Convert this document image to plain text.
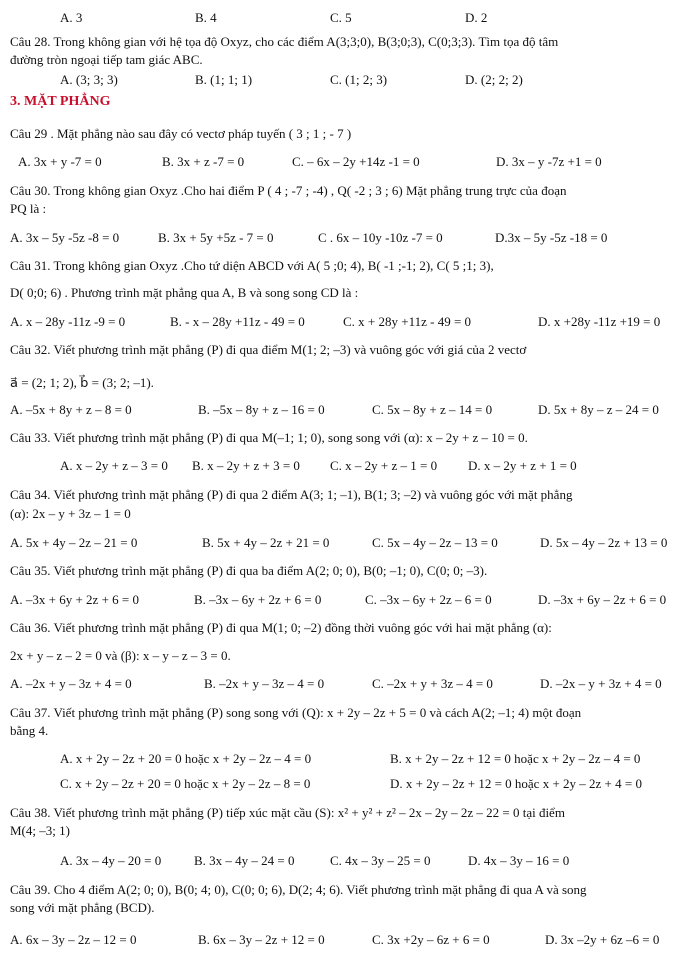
3. MẶT PHẲNG
A. 3	B. 4	C. 5	D. 2
Câu 28. Trong không gian với hệ tọa độ Oxyz, cho các điểm A(3;3;0), B(3;0;3), C(0;3;3). Tìm tọa độ tâm
đường tròn ngoại tiếp tam giác ABC.
A. (3; 3; 3)	B. (1; 1; 1)	C. (1; 2; 3)	D. (2; 2; 2)
Câu 29 . Mặt phẳng nào sau đây có vectơ pháp tuyến ( 3 ; 1 ; - 7 )
A. 3x + y -7 = 0	B. 3x + z -7 = 0	C. – 6x – 2y +14z -1 = 0	D. 3x – y -7z +1 = 0
Câu 30. Trong không gian Oxyz .Cho hai điểm P ( 4 ; -7 ; -4) , Q( -2 ; 3 ; 6) Mặt phẳng trung trực của đoạn
PQ là :
A. 3x – 5y -5z -8 = 0	B. 3x + 5y +5z - 7 = 0	C . 6x – 10y -10z -7 = 0	D.3x – 5y -5z -18 = 0
Câu 31. Trong không gian Oxyz .Cho tứ diện ABCD với A( 5 ;0; 4), B( -1 ;-1; 2), C( 5 ;1; 3),
D( 0;0; 6) . Phương trình mặt phẳng qua A, B và song song CD là :
A. x – 28y -11z -9 = 0	B. - x – 28y +11z - 49 = 0	C. x + 28y +11z - 49 = 0	D. x +28y -11z +19 = 0
Câu 32. Viết phương trình mặt phẳng (P) đi qua điểm M(1; 2; –3) và vuông góc với giá của 2 vectơ
a⃗ = (2; 1; 2), b⃗ = (3; 2; –1).
A. –5x + 8y + z – 8 = 0	B. –5x – 8y + z – 16 = 0	C. 5x – 8y + z – 14 = 0	D. 5x + 8y – z – 24 = 0
Câu 33. Viết phương trình mặt phẳng (P) đi qua M(–1; 1; 0), song song với (α): x – 2y + z – 10 = 0.
A. x – 2y + z – 3 = 0 B. x – 2y + z + 3 = 0 C. x – 2y + z – 1 = 0 D. x – 2y + z + 1 = 0
Câu 34. Viết phương trình mặt phẳng (P) đi qua 2 điểm A(3; 1; –1), B(1; 3; –2) và vuông góc với mặt phẳng
(α): 2x – y + 3z – 1 = 0
A. 5x + 4y – 2z – 21 = 0	B. 5x + 4y – 2z + 21 = 0	C. 5x – 4y – 2z – 13 = 0	D. 5x – 4y – 2z + 13 = 0
Câu 35. Viết phương trình mặt phẳng (P) đi qua ba điểm A(2; 0; 0), B(0; –1; 0), C(0; 0; –3).
A. –3x + 6y + 2z + 6 = 0	B. –3x – 6y + 2z + 6 = 0	C. –3x – 6y + 2z – 6 = 0	D. –3x + 6y – 2z + 6 = 0
Câu 36. Viết phương trình mặt phẳng (P) đi qua M(1; 0; –2) đồng thời vuông góc với hai mặt phẳng (α):
2x + y – z – 2 = 0 và (β): x – y – z – 3 = 0.
A. –2x + y – 3z + 4 = 0	B. –2x + y – 3z – 4 = 0	C. –2x + y + 3z – 4 = 0	D. –2x – y + 3z + 4 = 0
Câu 37. Viết phương trình mặt phẳng (P) song song với (Q): x + 2y – 2z + 5 = 0 và cách A(2; –1; 4) một đoạn
bằng 4.
A. x + 2y – 2z + 20 = 0 hoặc x + 2y – 2z – 4 = 0	B. x + 2y – 2z + 12 = 0 hoặc x + 2y – 2z – 4 = 0
C. x + 2y – 2z + 20 = 0 hoặc x + 2y – 2z – 8 = 0	D. x + 2y – 2z + 12 = 0 hoặc x + 2y – 2z + 4 = 0
Câu 38. Viết phương trình mặt phẳng (P) tiếp xúc mặt cầu (S): x² + y² + z² – 2x – 2y – 2z – 22 = 0 tại điểm
M(4; –3; 1)
A. 3x – 4y – 20 = 0	B. 3x – 4y – 24 = 0	C. 4x – 3y – 25 = 0	D. 4x – 3y – 16 = 0
Câu 39. Cho 4 điểm A(2; 0; 0), B(0; 4; 0), C(0; 0; 6), D(2; 4; 6). Viết phương trình mặt phẳng đi qua A và song
song với mặt phẳng (BCD).
A. 6x – 3y – 2z – 12 = 0	B. 6x – 3y – 2z + 12 = 0	C. 3x +2y – 6z + 6 = 0	D. 3x –2y + 6z –6 = 0
